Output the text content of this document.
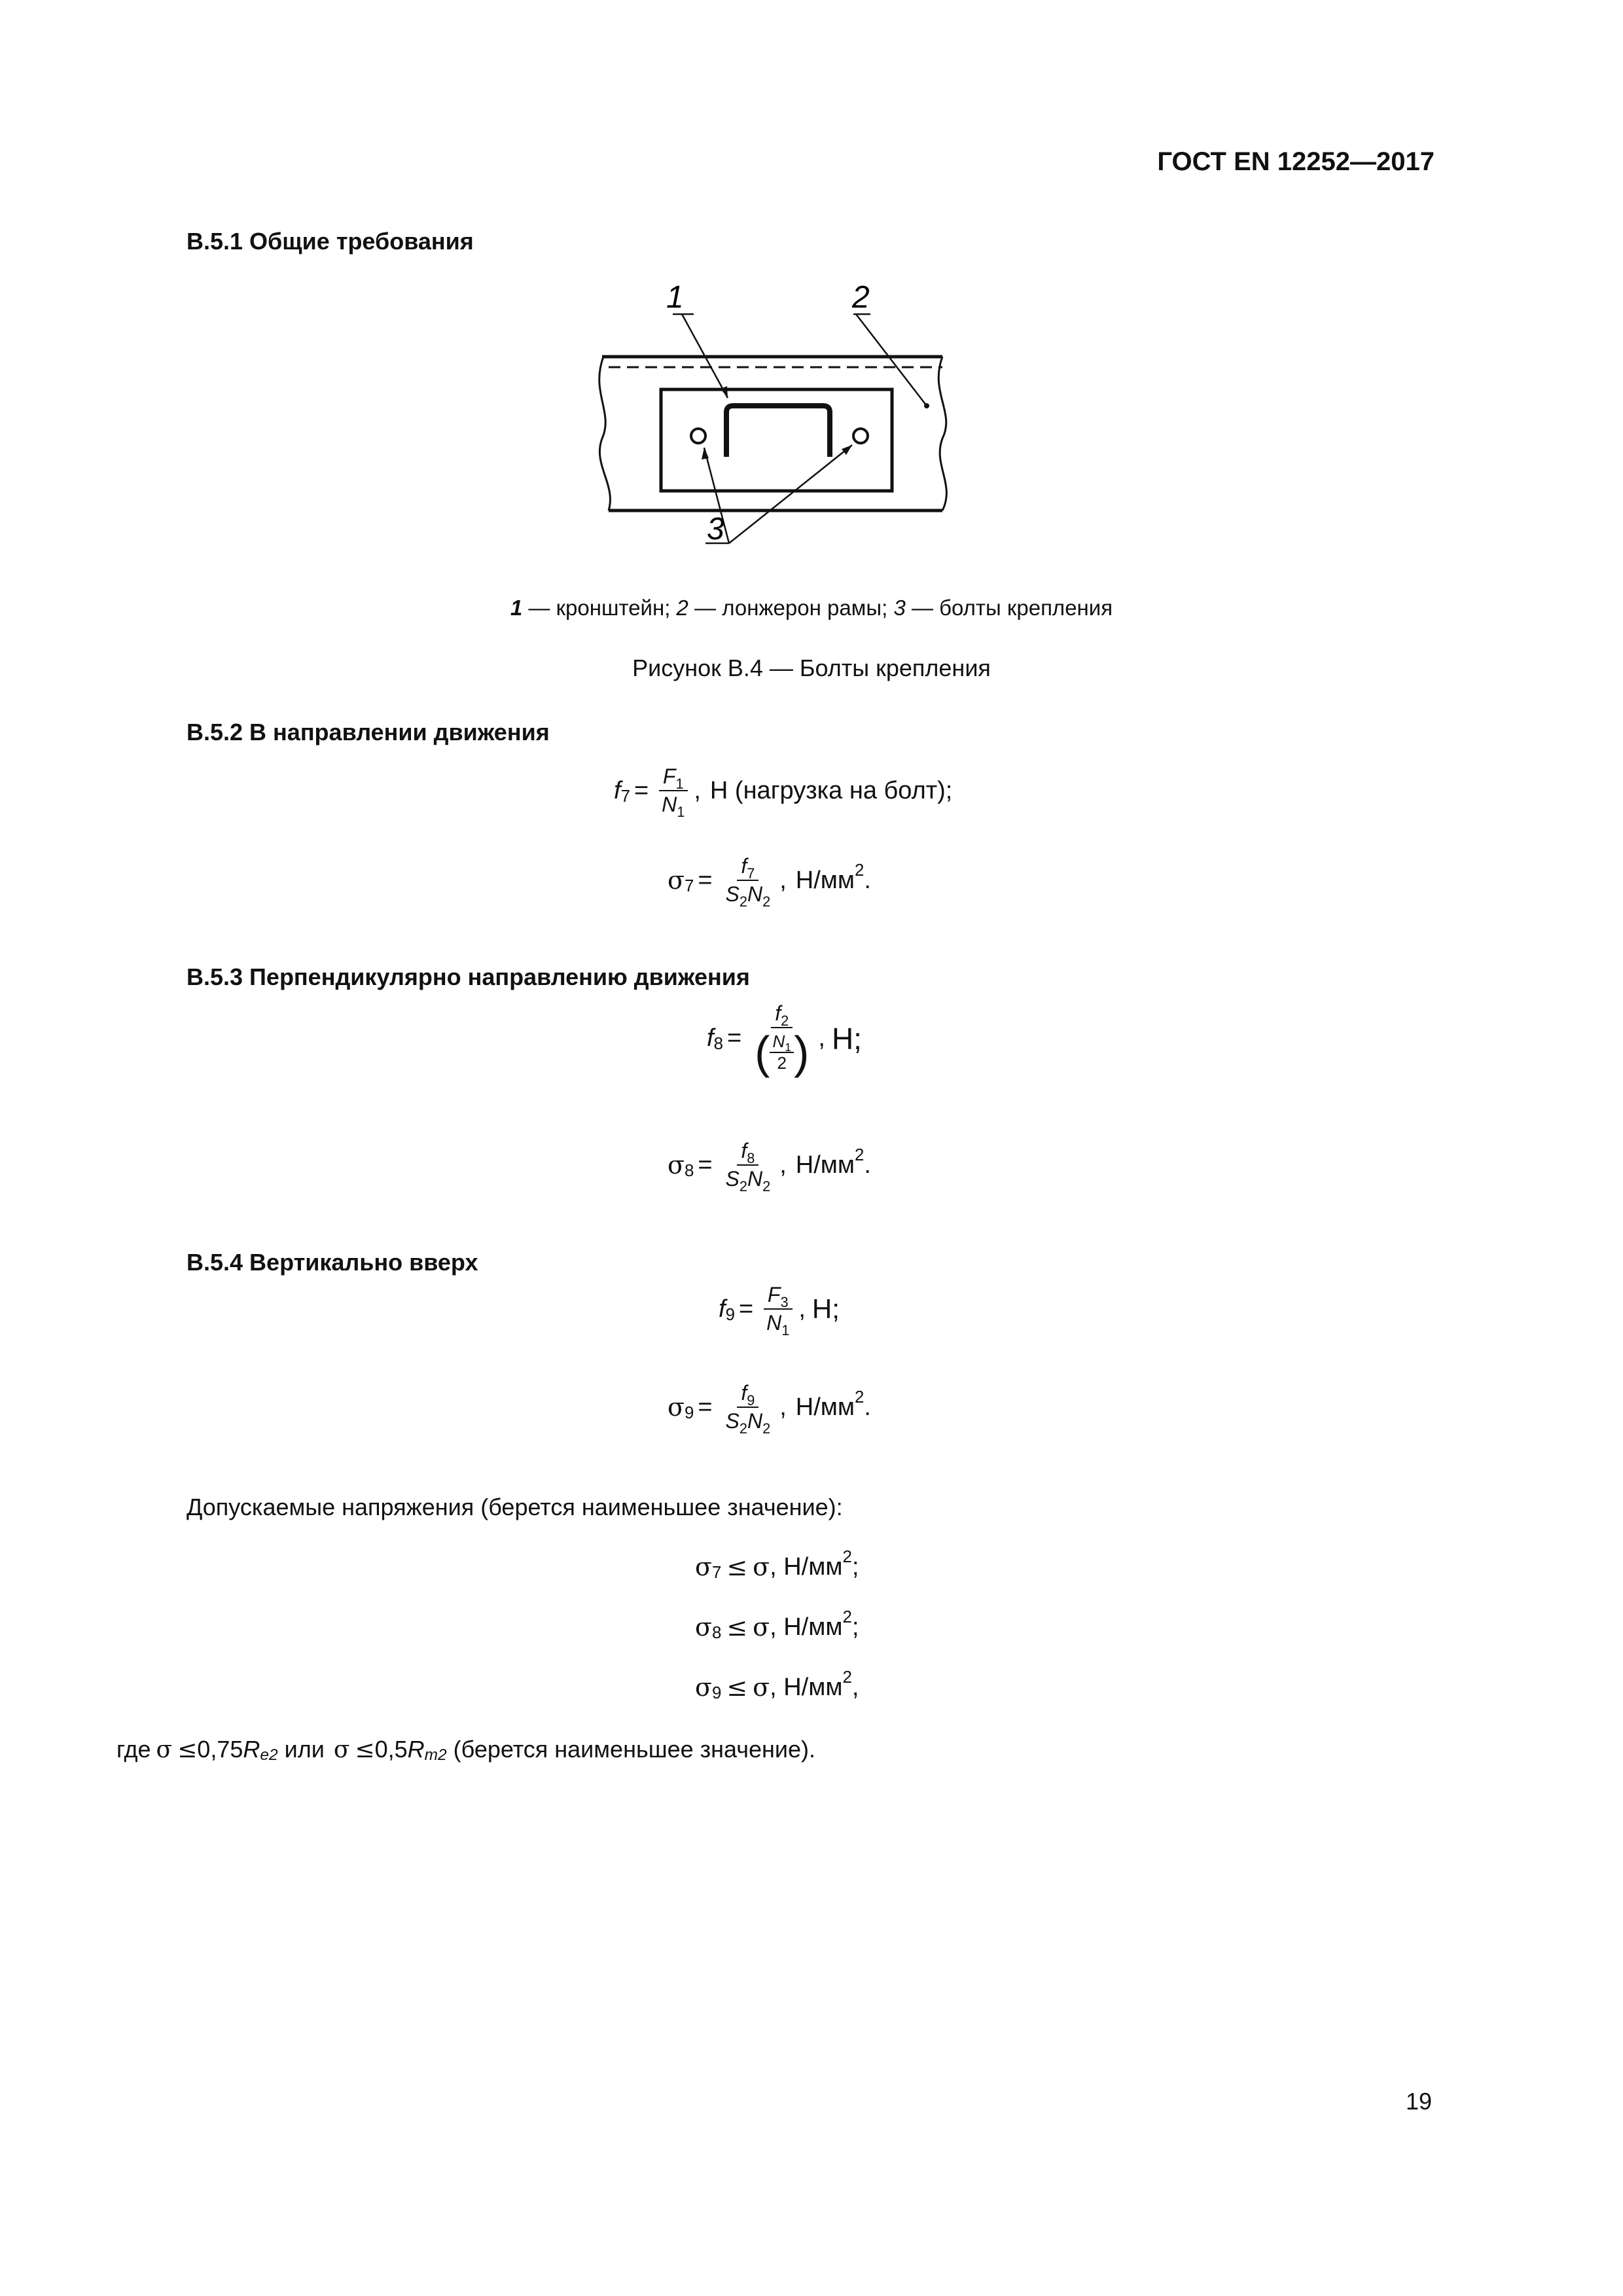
ГОСТ EN 12252—2017
В.5.1 Общие требования
1	2
3
1 — кронштейн; 2 — лонжерон рамы; 3 — болты крепления
Рисунок В.4 — Болты крепления
В.5.2 В направлении движения
f $7 = \frac{F_1}{N_1}$ , Н (нагрузка на болт);
σ $7 = \frac{f_7}{S_2N_2}$ , Н/мм 2 .
В.5.3 Перпендикулярно направлению движения
f $8 = \frac{f_2}{( \frac{N_1}{2} )}$ , Н;
σ $8 = \frac{f_8}{S_2N_2}$ , Н/мм 2 .
В.5.4 Вертикально вверх
f $9 = \frac{F_3}{N_1}$ , Н;
σ $9 = \frac{f_9}{S_2N_2}$ , Н/мм 2 .
Допускаемые напряжения (берется наименьшее значение):
σ 7 ≤ σ , Н/мм 2 ;
σ 8 ≤ σ , Н/мм 2 ;
σ 9 ≤ σ , Н/мм 2 ,
где σ ≤ 0,75 R e2 или σ ≤ 0,5 R m2 (берется наименьшее значение).
19
